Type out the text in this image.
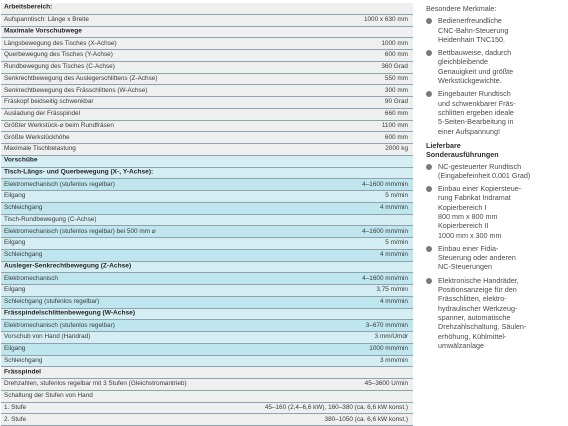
Arbeitsbereich:
Aufspanntisch: Länge x Breite	1000 x 630 mm
Maximale Vorschubwege
Längsbewegung des Tisches (X-Achse)	1000 mm
Querbewegung des Tisches (Y-Achse)	600 mm
Rundbewegung des Tisches (C-Achse)	360 Grad
Senkrechtbewegung des Auslegerschlittens (Z-Achse)	550 mm
Senkrechtbewegung des Frässchlittens (W-Achse)	300 mm
Fräskopf beidseitig schwenkbar	90 Grad
Ausladung der Frässpindel	660 mm
Größter Werkstück-⌀ beim Rundfräsen	1100 mm
Größte Werkstückhöhe	600 mm
Maximale Tischbelastung	2000 kg
Vorschübe
Tisch-Längs- und Querbewegung (X-, Y-Achse):
Elektromechanisch (stufenlos regelbar)	4–1600 mm/min
Eilgang	5 m/min
Schleichgang	4 mm/min
Tisch-Rundbewegung (C-Achse)
Elektromechanisch (stufenlos regelbar) bei 500 mm ⌀	4–1600 mm/min
Eilgang	5 m/min
Schleichgang	4 mm/min
Ausleger-Senkrechtbewegung (Z-Achse)
Elektromechanisch	4–1600 mm/min
Eilgang	3,75 m/min
Schleichgang (stufenlos regelbar)	4 mm/min
Frässpindelschlittenbewegung (W-Achse)
Elektromechanisch (stufenlos regelbar)	3–670 mm/min
Vorschub von Hand (Handrad)	3 mm/Umdr
Eilgang	1000 mm/min
Schleichgang	3 mm/min
Frässpindel
Drehzahlen, stufenlos regelbar mit 3 Stufen (Gleichstromantrieb)	45–3600 U/min
Schaltung der Stufen von Hand
1. Stufe	45–160 (2,4–6,6 kW), 160–380 (ca. 6,6 kW konst.)
2. Stufe	380–1050 (ca. 6,6 kW konst.)
Besondere Merkmale:
Bedienerfreundliche
CNC-Bahn-Steuerung
Heidenhain TNC150.
Bettbauweise, dadurch
gleichbleibende
Genauigkeit und größte
Werkstückgewichte.
Eingebauter Rundtisch
und schwenkbarer Fräs-
schlitten ergeben ideale
5-Seiten-Bearbeitung in
einer Aufspannung!
Lieferbare
Sonderausführungen
NC-gesteuerter Rundtisch
(Eingabefeinheit 0,001 Grad)
Einbau einer Kopiersteue-
rung Fabrikat Indramat
Kopierbereich I
800 mm x 800 mm
Kopierbereich II
1000 mm x 300 mm
Einbau einer Fidia-
Steuerung oder anderen
NC-Steuerungen
Elektronische Handräder,
Positionsanzeige für den
Frässchlitten, elektro-
hydraulischer Werkzeug-
spanner, automatische
Drehzahlschaltung, Säulen-
erhöhung, Kühlmittel-
umwälzanlage
